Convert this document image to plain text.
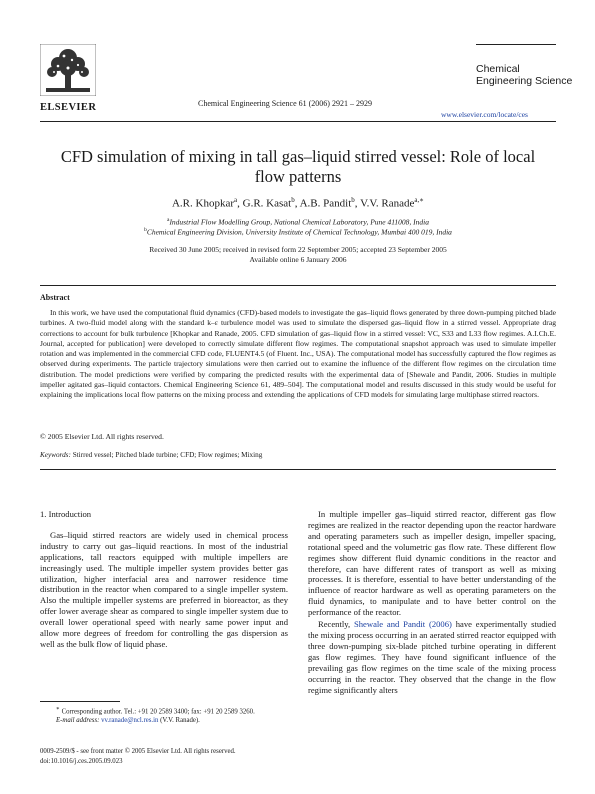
ELSEVIER	Chemical Engineering Science 61 (2006) 2921 – 2929
Chemical
Engineering Science
www.elsevier.com/locate/ces
CFD simulation of mixing in tall gas–liquid stirred vessel: Role of local
flow patterns
A.R. Khopkar$^a$, G.R. Kasat$^b$, A.B. Pandit$^b$, V.V. Ranade$^{a,∗}$
$^a$Industrial Flow Modelling Group, National Chemical Laboratory, Pune 411008, India
$^b$Chemical Engineering Division, University Institute of Chemical Technology, Mumbai 400 019, India
Received 30 June 2005; received in revised form 22 September 2005; accepted 23 September 2005
Available online 6 January 2006
Abstract
In this work, we have used the computational fluid dynamics (CFD)-based models to investigate the gas–liquid flows generated by three down-pumping pitched blade turbines. A two-fluid model along with the standard k–ε turbulence model was used to simulate the dispersed gas–liquid flow in a stirred vessel. Appropriate drag corrections to account for bulk turbulence [Khopkar and Ranade, 2005. CFD simulation of gas–liquid flow in a stirred vessel: VC, S33 and L33 flow regimes. A.I.Ch.E. Journal, accepted for publication] were developed to correctly simulate different flow regimes. The computational snapshot approach was used to simulate impeller rotation and was implemented in the commercial CFD code, FLUENT4.5 (of Fluent. Inc., USA). The computational model has successfully captured the flow regimes as observed during experiments. The particle trajectory simulations were then carried out to examine the influence of the different flow regimes on the circulation time distribution. The model predictions were verified by comparing the predicted results with the experimental data of [Shewale and Pandit, 2006. Studies in multiple impeller agitated gas–liquid contactors. Chemical Engineering Science 61, 489–504]. The computational model and results discussed in this study would be useful for explaining the implications local flow patterns on the mixing process and extending the applications of CFD models for simulating large multiphase stirred reactors.
© 2005 Elsevier Ltd. All rights reserved.
Keywords: Stirred vessel; Pitched blade turbine; CFD; Flow regimes; Mixing
1. Introduction
Gas–liquid stirred reactors are widely used in chemical process industry to carry out gas–liquid reactions. In most of the industrial applications, tall reactors equipped with multiple impellers are increasingly used. The multiple impeller system provides better gas utilization, higher interfacial area and narrower residence time distribution in the reactor when compared to a single impeller system. Also the multiple impeller systems are preferred in bioreactor, as they offer lower average shear as compared to single impeller system due to overall lower operational speed with nearly same power input and allow more degrees of freedom for controlling the gas dispersion as well as the bulk flow of liquid phase.
In multiple impeller gas–liquid stirred reactor, different gas flow regimes are realized in the reactor depending upon the reactor hardware and operating parameters such as impeller design, impeller spacing, rotational speed and the volumetric gas flow rate. These different flow regimes show different fluid dynamic conditions in the reactor and therefore, can have different rates of transport as well as mixing processes. It is therefore, essential to have better understanding of the influence of reactor hardware as well as operating parameters on the fluid dynamics, to manipulate and to have better control on the performance of the reactor.
Recently, Shewale and Pandit (2006) have experimentally studied the mixing process occurring in an aerated stirred reactor equipped with three down-pumping six-blade pitched turbine operating in different gas flow regimes. They have found significant influence of the prevailing gas flow regimes on the time scale of the mixing process occurring in the reactor. They observed that the change in the flow regime significantly alters
∗ Corresponding author. Tel.: +91 20 2589 3400; fax: +91 20 2589 3260.
E-mail address: vv.ranade@ncl.res.in (V.V. Ranade).
0009-2509/$ - see front matter © 2005 Elsevier Ltd. All rights reserved.
doi:10.1016/j.ces.2005.09.023
